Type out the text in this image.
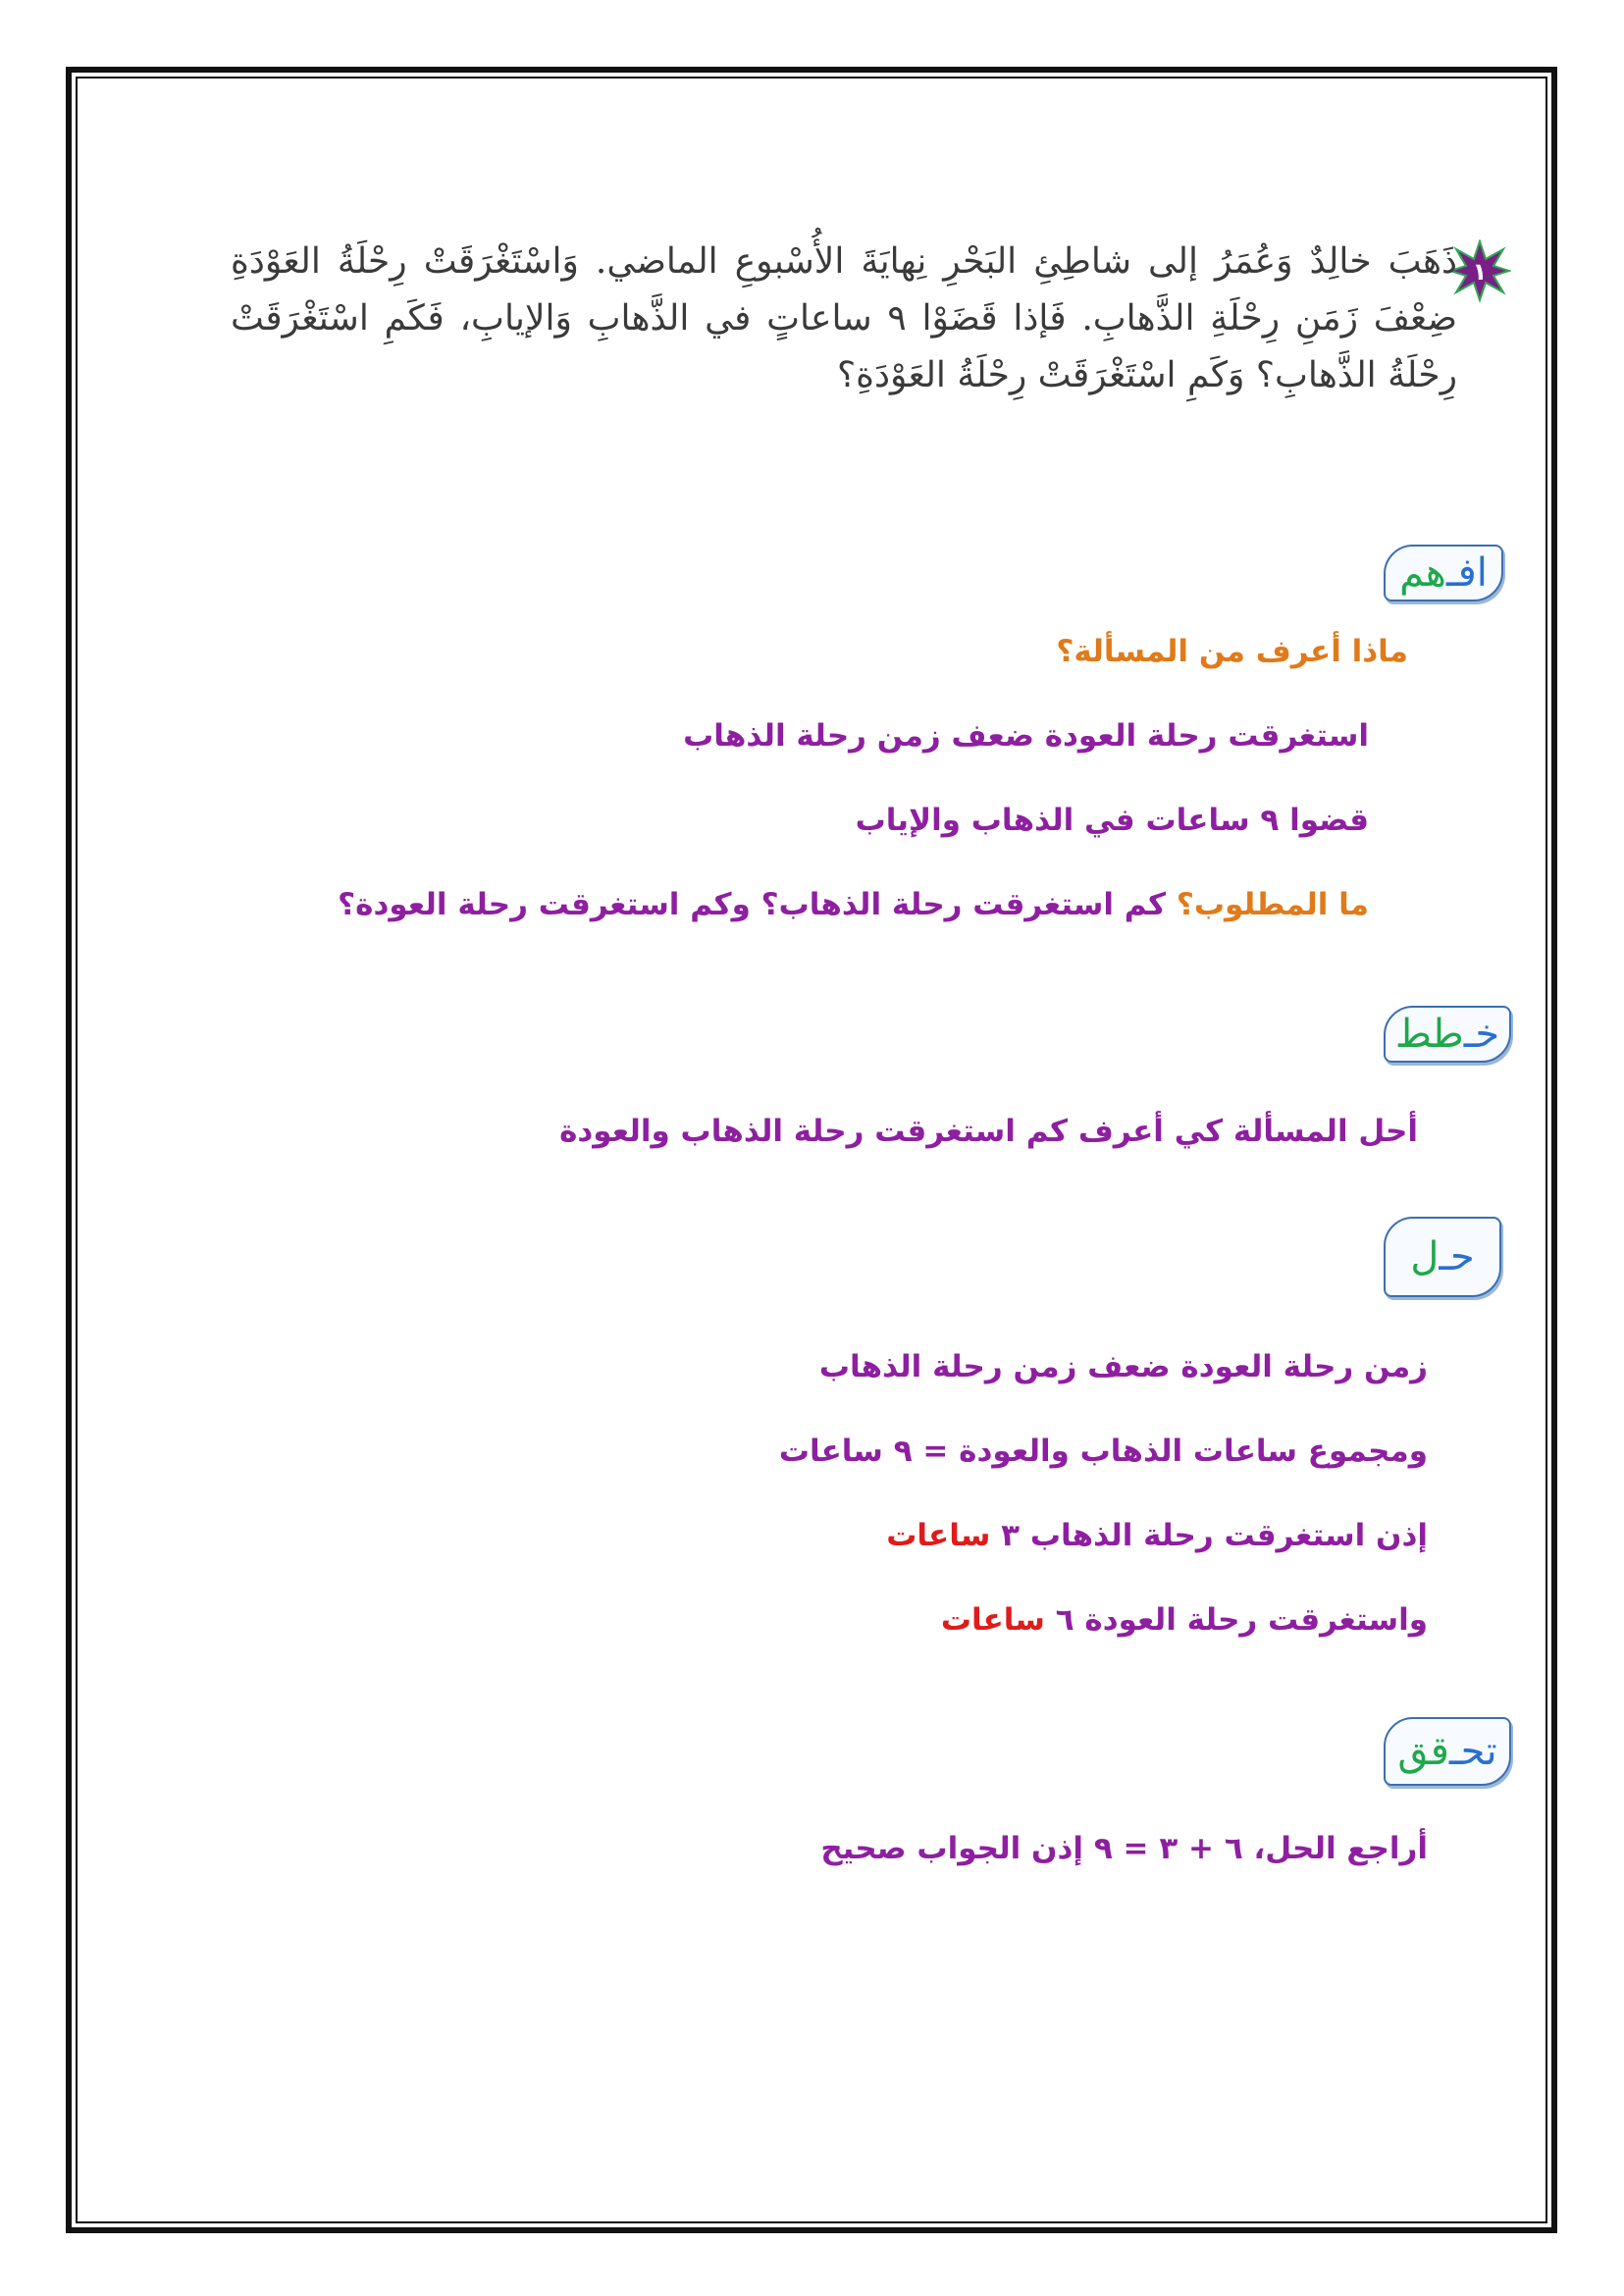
١
ذَهَبَ خالِدٌ وَعُمَرُ إلى شاطِئِ البَحْرِ نِهايَةَ الأُسْبوعِ الماضي. وَاسْتَغْرَقَتْ رِحْلَةُ العَوْدَةِ ضِعْفَ زَمَنِ رِحْلَةِ الذَّهابِ. فَإذا قَضَوْا ٩ ساعاتٍ في الذَّهابِ وَالإيابِ، فَكَمِ اسْتَغْرَقَتْ رِحْلَةُ الذَّهابِ؟ وَكَمِ اسْتَغْرَقَتْ رِحْلَةُ العَوْدَةِ؟
افـ
هم
ماذا أعرف من المسألة؟
استغرقت رحلة العودة ضعف زمن رحلة الذهاب
قضوا ٩ ساعات في الذهاب والإياب
ما المطلوب؟ كم استغرقت رحلة الذهاب؟ وكم استغرقت رحلة العودة؟
خـ
طط
أحل المسألة كي أعرف كم استغرقت رحلة الذهاب والعودة
حـ
ل
زمن رحلة العودة ضعف زمن رحلة الذهاب
ومجموع ساعات الذهاب والعودة = ٩ ساعات
إذن استغرقت رحلة الذهاب ٣ ساعات
واستغرقت رحلة العودة ٦ ساعات
تحـ
قق
أراجع الحل، ٦ + ٣ = ٩ إذن الجواب صحيح
